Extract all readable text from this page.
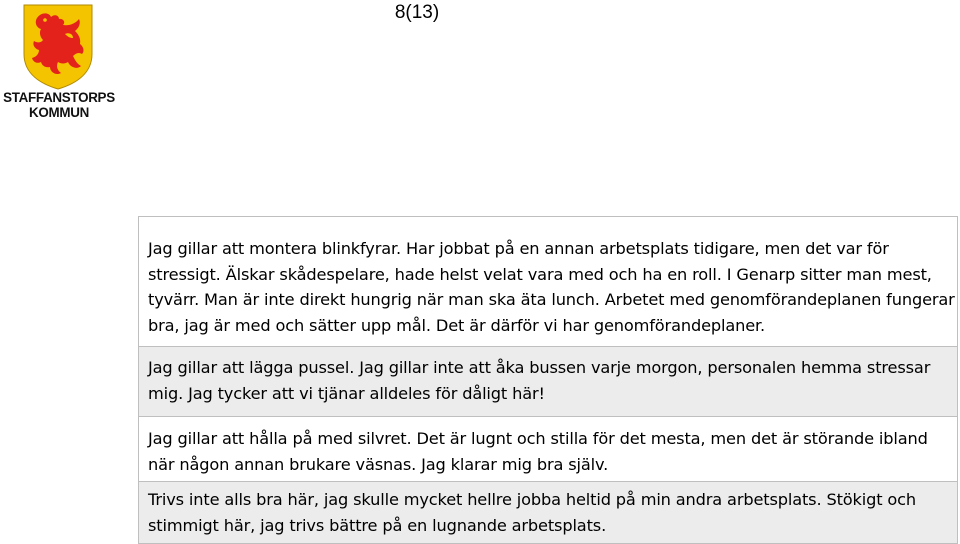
8(13)
STAFFANSTORPS
KOMMUN
Jag gillar att montera blinkfyrar. Har jobbat på en annan arbetsplats tidigare, men det var för stressigt. Älskar skådespelare, hade helst velat vara med och ha en roll. I Genarp sitter man mest, tyvärr. Man är inte direkt hungrig när man ska äta lunch. Arbetet med genomförandeplanen fungerar bra, jag är med och sätter upp mål. Det är därför vi har genomförandeplaner.
Jag gillar att lägga pussel. Jag gillar inte att åka bussen varje morgon, personalen hemma stressar mig. Jag tycker att vi tjänar alldeles för dåligt här!
Jag gillar att hålla på med silvret. Det är lugnt och stilla för det mesta, men det är störande ibland när någon annan brukare väsnas. Jag klarar mig bra själv.
Trivs inte alls bra här, jag skulle mycket hellre jobba heltid på min andra arbetsplats. Stökigt och stimmigt här, jag trivs bättre på en lugnande arbetsplats.
